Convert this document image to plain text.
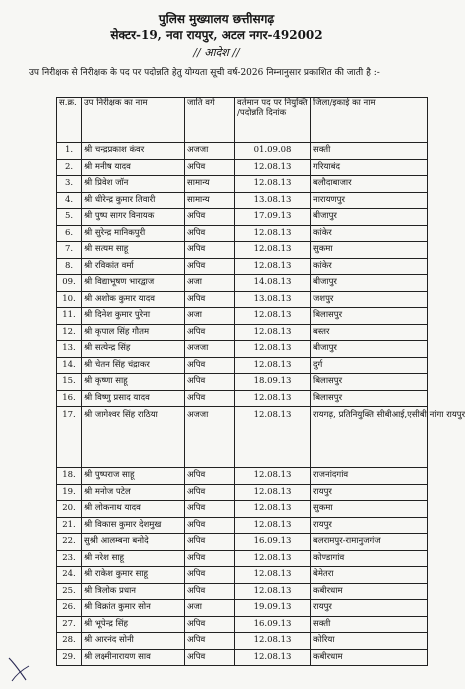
पुलिस मुख्यालय छत्तीसगढ़
सेक्टर-19, नवा रायपुर, अटल नगर-492002
// आदेश //
उप निरीक्षक से निरीक्षक के पद पर पदोन्नति हेतु योग्यता सूची वर्ष-2026 निम्नानुसार प्रकाशित की जाती है :-
स.क्र.	उप निरीक्षक का नाम	जाति वर्ग	वर्तमान पद पर नियुक्ति /पदोन्नति दिनांक	जिला/इकाई का नाम
1.	श्री चन्द्रप्रकाश कंवर	अजजा	01.09.08	सक्ती
2.	श्री मनीष यादव	अपिव	12.08.13	गरियाबंद
3.	श्री प्रिवेश जॉन	सामान्य	12.08.13	बलौदाबाजार
4.	श्री धीरेन्द्र कुमार तिवारी	सामान्य	13.08.13	नारायणपुर
5.	श्री पुष्प सागर विनायक	अपिव	17.09.13	बीजापुर
6.	श्री सुरेन्द्र मानिकपुरी	अपिव	12.08.13	कांकेर
7.	श्री सत्यम साहू	अपिव	12.08.13	सुकमा
8.	श्री रविकांत वर्मा	अपिव	12.08.13	कांकेर
09.	श्री विद्याभूषण भारद्वाज	अजा	14.08.13	बीजापुर
10.	श्री अशोक कुमार यादव	अपिव	13.08.13	जशपुर
11.	श्री दिनेश कुमार पुरेना	अजा	12.08.13	बिलासपुर
12.	श्री कृपाल सिंह गौतम	अपिव	12.08.13	बस्तर
13.	श्री सत्येन्द्र सिंह	अजजा	12.08.13	बीजापुर
14.	श्री चेतन सिंह चंद्राकर	अपिव	12.08.13	दुर्ग
15.	श्री कृष्णा साहू	अपिव	18.09.13	बिलासपुर
16.	श्री विष्णु प्रसाद यादव	अपिव	12.08.13	बिलासपुर
17.	श्री जागेश्वर सिंह राठिया	अजजा	12.08.13	रायगढ़, प्रतिनियुक्ति सीबीआई,एसीबी नांगा रायपुर
18.	श्री पुष्पराज साहू	अपिव	12.08.13	राजनांदगांव
19.	श्री मनोज पटेल	अपिव	12.08.13	रायपुर
20.	श्री लोकनाथ यादव	अपिव	12.08.13	सुकमा
21.	श्री विकास कुमार देशमुख	अपिव	12.08.13	रायपुर
22.	सुश्री आलम्बना बनोदे	अपिव	16.09.13	बलरामपुर-रामानुजगंज
23.	श्री नरेश साहू	अपिव	12.08.13	कोण्डागांव
24.	श्री राकेश कुमार साहू	अपिव	12.08.13	बेमेतरा
25.	श्री त्रिलोक प्रधान	अपिव	12.08.13	कबीरधाम
26.	श्री विक्रांत कुमार सोन	अजा	19.09.13	रायपुर
27.	श्री भूपेन्द्र सिंह	अपिव	16.09.13	सक्ती
28.	श्री आरनंद सोनी	अपिव	12.08.13	कोरिया
29.	श्री लक्ष्मीनारायण साव	अपिव	12.08.13	कबीरधाम
